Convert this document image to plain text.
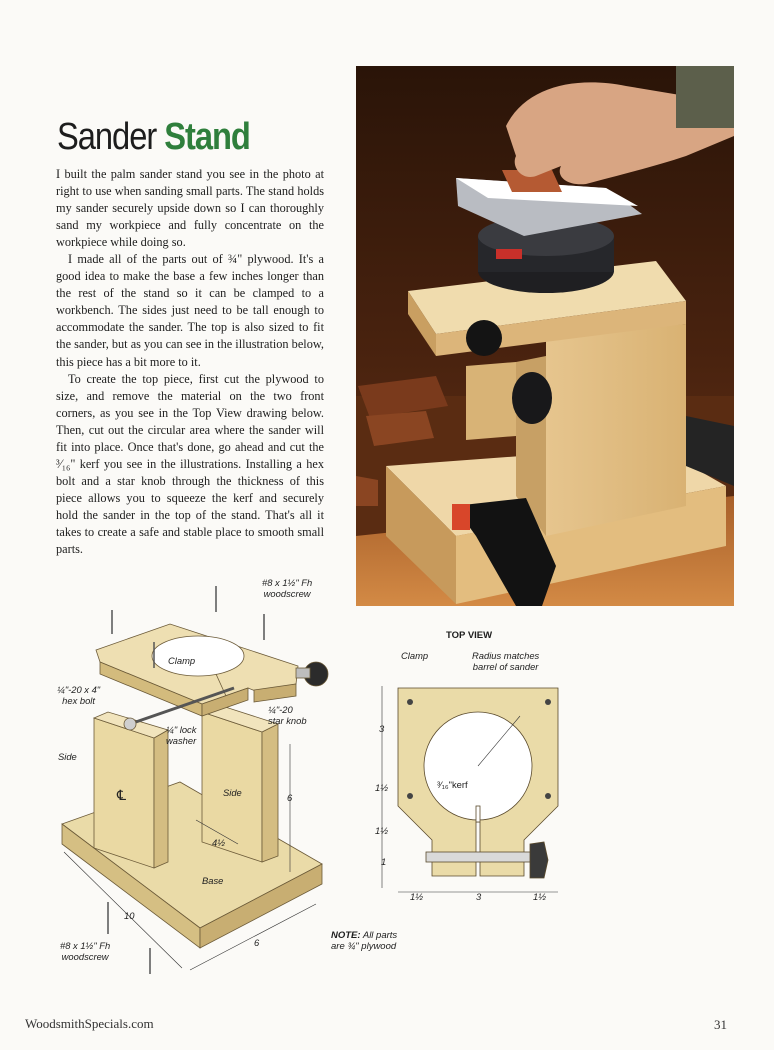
Sander Stand

I built the palm sander stand you see in the photo at right to use when sanding small parts. The stand holds my sander securely upside down so I can thoroughly sand my workpiece and fully concentrate on the workpiece while doing so.

I made all of the parts out of ¾" plywood. It's a good idea to make the base a few inches longer than the rest of the stand so it can be clamped to a workbench. The sides just need to be tall enough to accommodate the sander. The top is also sized to fit the sander, but as you can see in the illustration below, this piece has a bit more to it.

To create the top piece, first cut the plywood to size, and remove the material on the two front corners, as you see in the Top View drawing below. Then, cut out the circular area where the sander will fit into place. Once that's done, go ahead and cut the ³⁄₁₆" kerf you see in the illustrations. Installing a hex bolt and a star knob through the thickness of this piece allows you to squeeze the kerf and securely hold the sander in the top of the stand. That's all it takes to create a safe and stable place to smooth small parts.

#8 x 1½" Fh
woodscrew
Clamp
¼"-20 x 4"
hex bolt
¼" lock
washer
¼"-20
star knob
Side
℄	Side	6
4½
Base
10
6
#8 x 1½" Fh
woodscrew
TOP VIEW
Clamp	Radius matches
barrel of sander
³⁄₁₆"kerf
3
1½
1½
1
1½	3	1½
NOTE: All parts
are ¾" plywood
WoodsmithSpecials.com	31
